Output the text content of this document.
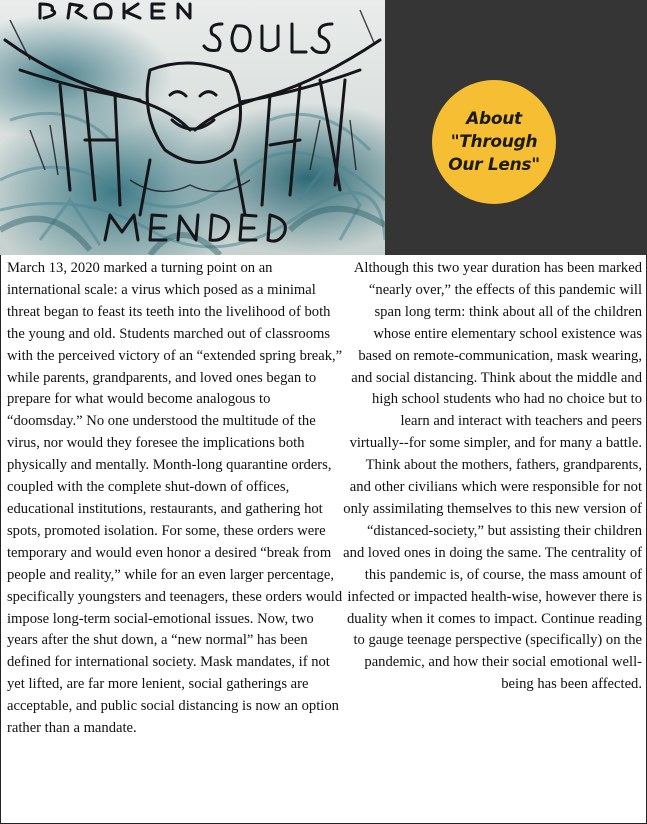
About
"Through
Our Lens"

March 13, 2020 marked a turning point on an international scale: a virus which posed as a minimal threat began to feast its teeth into the livelihood of both the young and old. Students marched out of classrooms with the perceived victory of an “extended spring break,” while parents, grandparents, and loved ones began to prepare for what would become analogous to “doomsday.” No one understood the multitude of the virus, nor would they foresee the implications both physically and mentally. Month-long quarantine orders, coupled with the complete shut-down of offices, educational institutions, restaurants, and gathering hot spots, promoted isolation. For some, these orders were temporary and would even honor a desired “break from people and reality,” while for an even larger percentage, specifically youngsters and teenagers, these orders would impose long-term social-emotional issues. Now, two years after the shut down, a “new normal” has been defined for international society. Mask mandates, if not yet lifted, are far more lenient, social gatherings are acceptable, and public social distancing is now an option rather than a mandate.

Although this two year duration has been marked “nearly over,” the effects of this pandemic will span long term: think about all of the children whose entire elementary school existence was based on remote-communication, mask wearing, and social distancing. Think about the middle and high school students who had no choice but to learn and interact with teachers and peers virtually--for some simpler, and for many a battle. Think about the mothers, fathers, grandparents, and other civilians which were responsible for not only assimilating themselves to this new version of “distanced-society,” but assisting their children and loved ones in doing the same. The centrality of this pandemic is, of course, the mass amount of infected or impacted health-wise, however there is duality when it comes to impact. Continue reading to gauge teenage perspective (specifically) on the pandemic, and how their social emotional well-being has been affected.
